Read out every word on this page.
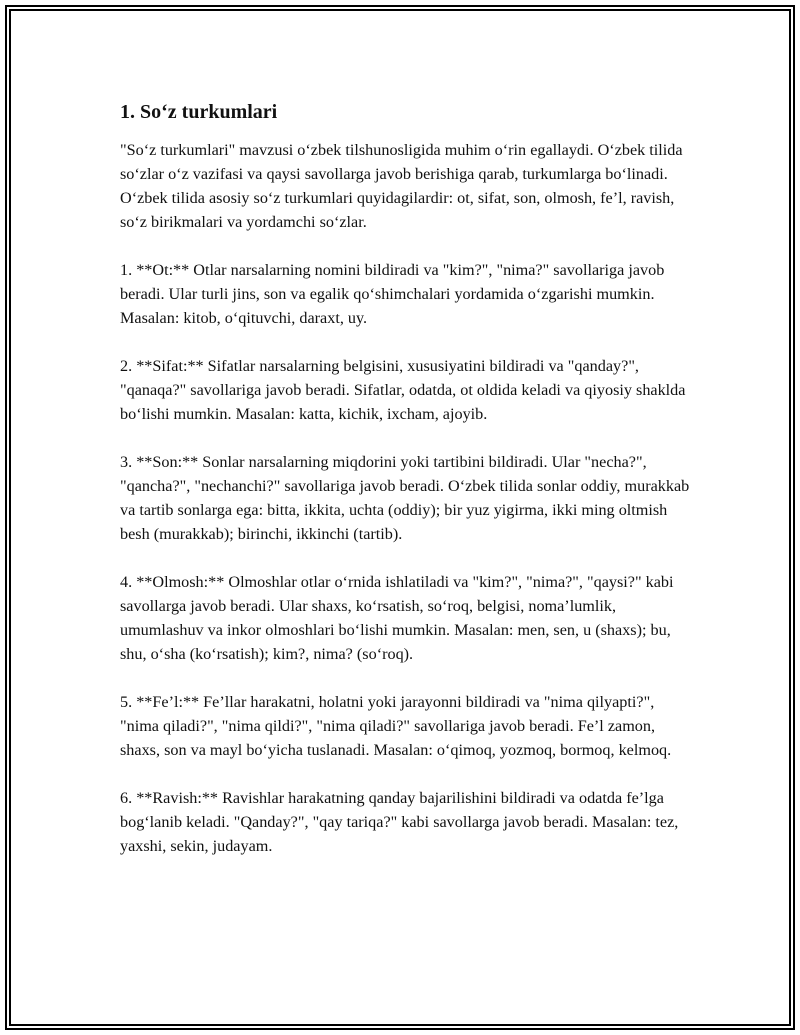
1. So‘z turkumlari

"So‘z turkumlari" mavzusi o‘zbek tilshunosligida muhim o‘rin egallaydi. O‘zbek tilida so‘zlar o‘z vazifasi va qaysi savollarga javob berishiga qarab, turkumlarga bo‘linadi. O‘zbek tilida asosiy so‘z turkumlari quyidagilardir: ot, sifat, son, olmosh, fe’l, ravish, so‘z birikmalari va yordamchi so‘zlar.

1. **Ot:** Otlar narsalarning nomini bildiradi va "kim?", "nima?" savollariga javob beradi. Ular turli jins, son va egalik qo‘shimchalari yordamida o‘zgarishi mumkin. Masalan: kitob, o‘qituvchi, daraxt, uy.

2. **Sifat:** Sifatlar narsalarning belgisini, xususiyatini bildiradi va "qanday?", "qanaqa?" savollariga javob beradi. Sifatlar, odatda, ot oldida keladi va qiyosiy shaklda bo‘lishi mumkin. Masalan: katta, kichik, ixcham, ajoyib.

3. **Son:** Sonlar narsalarning miqdorini yoki tartibini bildiradi. Ular "necha?", "qancha?", "nechanchi?" savollariga javob beradi. O‘zbek tilida sonlar oddiy, murakkab va tartib sonlarga ega: bitta, ikkita, uchta (oddiy); bir yuz yigirma, ikki ming oltmish besh (murakkab); birinchi, ikkinchi (tartib).

4. **Olmosh:** Olmoshlar otlar o‘rnida ishlatiladi va "kim?", "nima?", "qaysi?" kabi savollarga javob beradi. Ular shaxs, ko‘rsatish, so‘roq, belgisi, noma’lumlik, umumlashuv va inkor olmoshlari bo‘lishi mumkin. Masalan: men, sen, u (shaxs); bu, shu, o‘sha (ko‘rsatish); kim?, nima? (so‘roq).

5. **Fe’l:** Fe’llar harakatni, holatni yoki jarayonni bildiradi va "nima qilyapti?", "nima qiladi?", "nima qildi?", "nima qiladi?" savollariga javob beradi. Fe’l zamon, shaxs, son va mayl bo‘yicha tuslanadi. Masalan: o‘qimoq, yozmoq, bormoq, kelmoq.

6. **Ravish:** Ravishlar harakatning qanday bajarilishini bildiradi va odatda fe’lga bog‘lanib keladi. "Qanday?", "qay tariqa?" kabi savollarga javob beradi. Masalan: tez, yaxshi, sekin, judayam.
